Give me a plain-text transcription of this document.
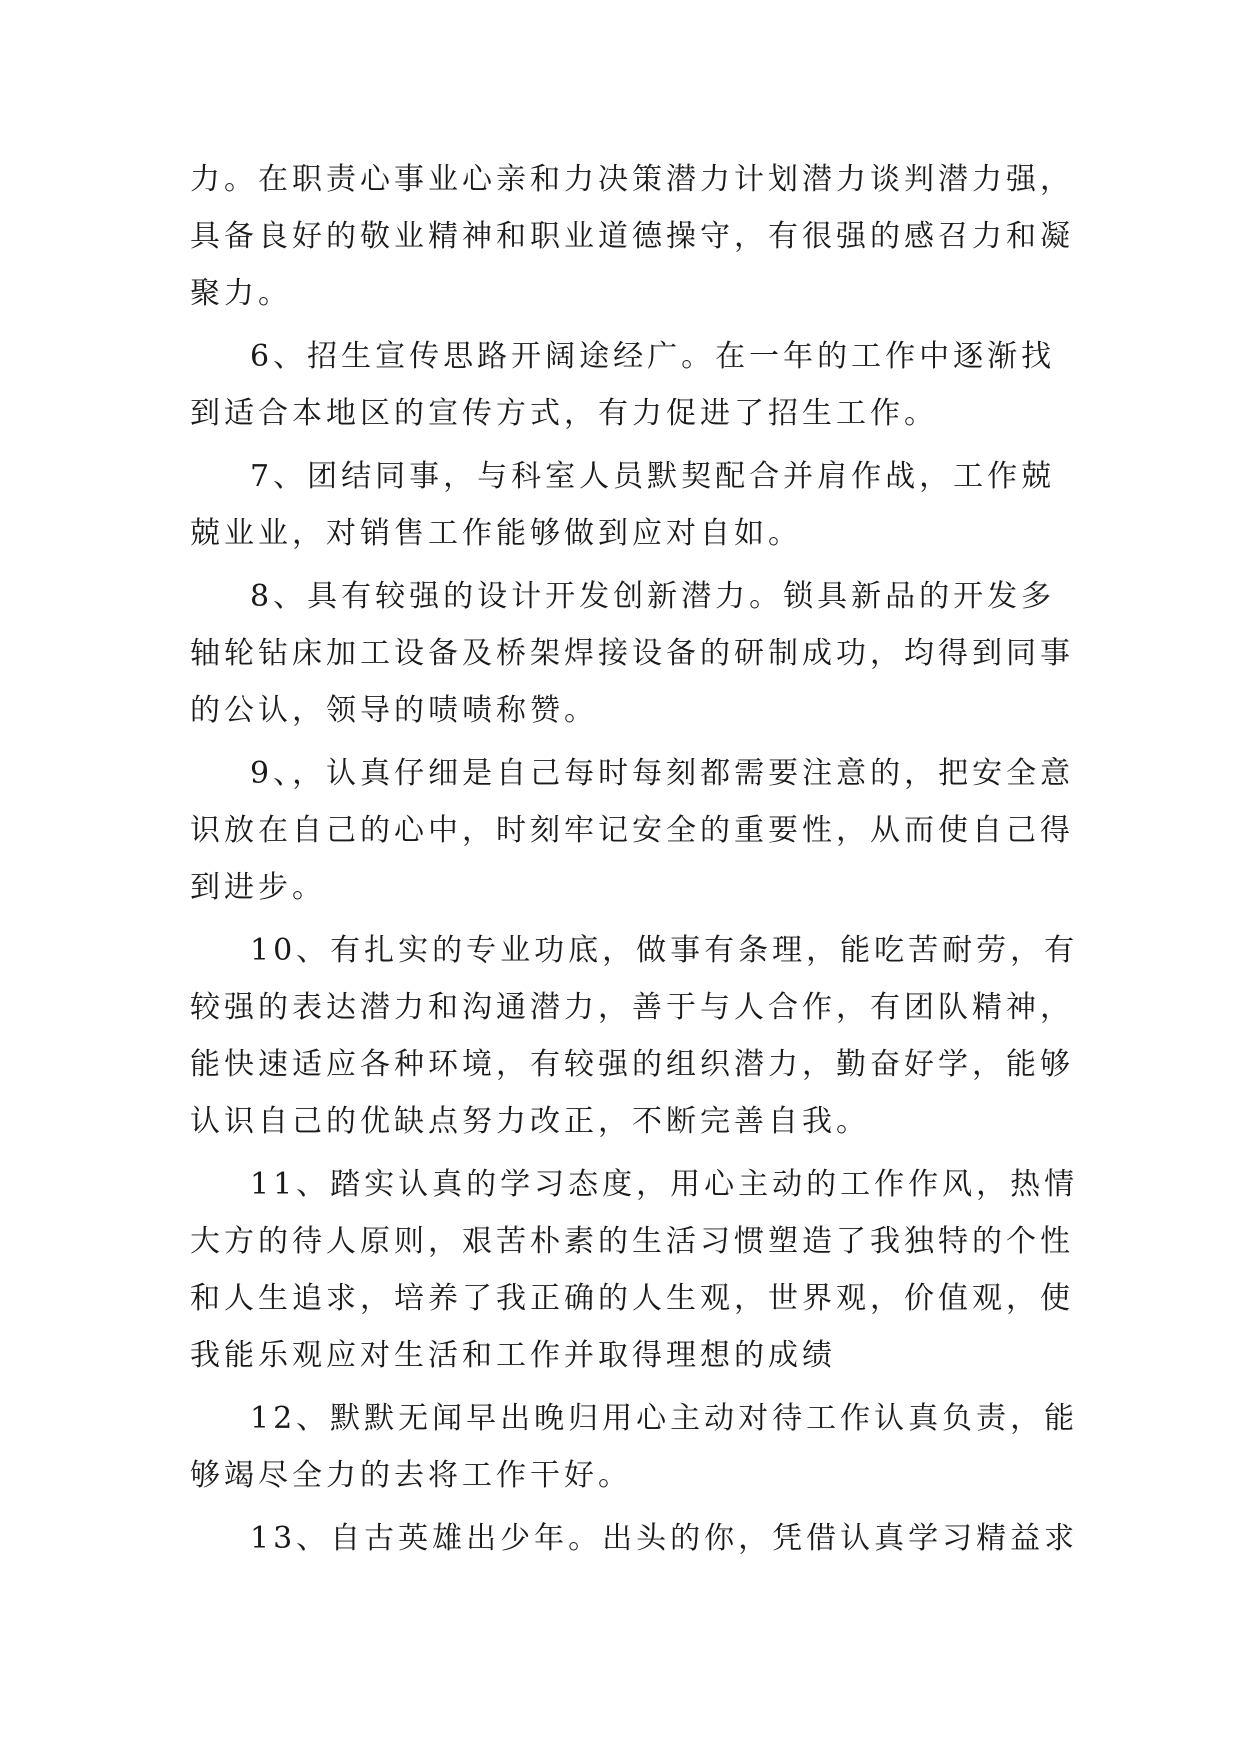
力。在职责心事业心亲和力决策潜力计划潜力谈判潜力强，
具备良好的敬业精神和职业道德操守，有很强的感召力和凝
聚力。
6、招生宣传思路开阔途经广。在一年的工作中逐渐找
到适合本地区的宣传方式，有力促进了招生工作。
7、团结同事，与科室人员默契配合并肩作战，工作兢
兢业业，对销售工作能够做到应对自如。
8、具有较强的设计开发创新潜力。锁具新品的开发多
轴轮钻床加工设备及桥架焊接设备的研制成功，均得到同事
的公认，领导的啧啧称赞。
9、，认真仔细是自己每时每刻都需要注意的，把安全意
识放在自己的心中，时刻牢记安全的重要性，从而使自己得
到进步。
10、有扎实的专业功底，做事有条理，能吃苦耐劳，有
较强的表达潜力和沟通潜力，善于与人合作，有团队精神，
能快速适应各种环境，有较强的组织潜力，勤奋好学，能够
认识自己的优缺点努力改正，不断完善自我。
11、踏实认真的学习态度，用心主动的工作作风，热情
大方的待人原则，艰苦朴素的生活习惯塑造了我独特的个性
和人生追求，培养了我正确的人生观，世界观，价值观，使
我能乐观应对生活和工作并取得理想的成绩
12、默默无闻早出晚归用心主动对待工作认真负责，能
够竭尽全力的去将工作干好。
13、自古英雄出少年。出头的你，凭借认真学习精益求
